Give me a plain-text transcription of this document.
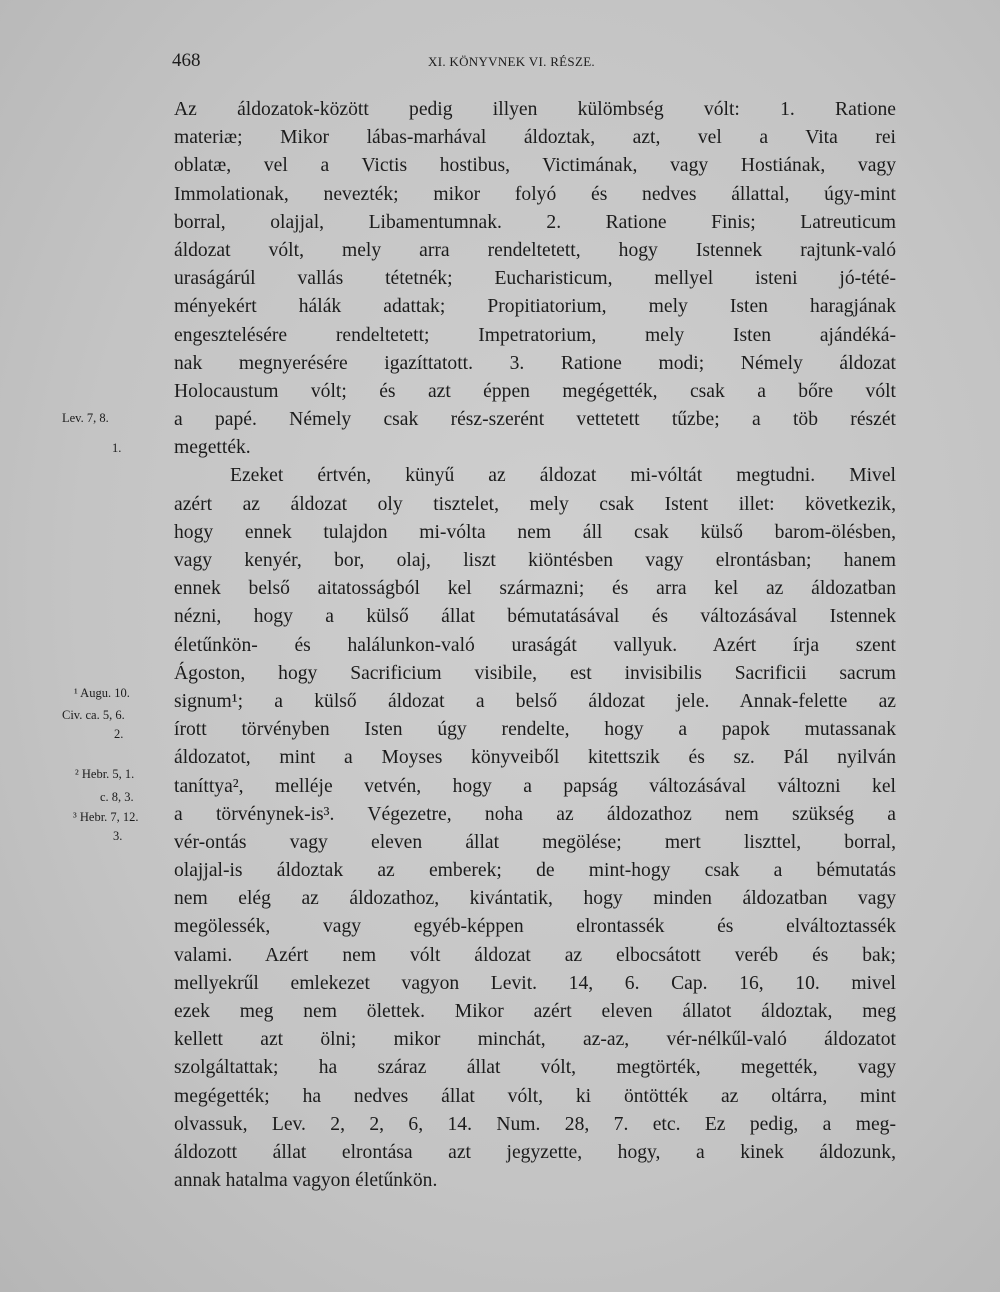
468	XI. KÖNYVNEK VI. RÉSZE.
Az áldozatok-között pedig illyen külömbség vólt: 1. Ratione
materiæ; Mikor lábas-marhával áldoztak, azt, vel a Vita rei
oblatæ, vel a Victis hostibus, Victimának, vagy Hostiának, vagy
Immolationak, nevezték; mikor folyó és nedves állattal, úgy-mint
borral, olajjal, Libamentumnak. 2. Ratione Finis; Latreuticum
áldozat vólt, mely arra rendeltetett, hogy Istennek rajtunk-való
uraságárúl vallás tétetnék; Eucharisticum, mellyel isteni jó-tété-
ményekért hálák adattak; Propitiatorium, mely Isten haragjának
engesztelésére rendeltetett; Impetratorium, mely Isten ajándéká-
nak megnyerésére igazíttatott. 3. Ratione modi; Némely áldozat
Holocaustum vólt; és azt éppen megégették, csak a bőre vólt
a papé. Némely csak rész-szerént vettetett tűzbe; a töb részét
megették.
Ezeket értvén, künyű az áldozat mi-vóltát megtudni. Mivel
azért az áldozat oly tisztelet, mely csak Istent illet: következik,
hogy ennek tulajdon mi-vólta nem áll csak külső barom-ölésben,
vagy kenyér, bor, olaj, liszt kiöntésben vagy elrontásban; hanem
ennek belső aitatosságból kel származni; és arra kel az áldozatban
nézni, hogy a külső állat bémutatásával és változásával Istennek
életűnkön- és halálunkon-való uraságát vallyuk. Azért írja szent
Ágoston, hogy Sacrificium visibile, est invisibilis Sacrificii sacrum
signum¹; a külső áldozat a belső áldozat jele. Annak-felette az
írott törvényben Isten úgy rendelte, hogy a papok mutassanak
áldozatot, mint a Moyses könyveiből kitettszik és sz. Pál nyilván
taníttya², melléje vetvén, hogy a papság változásával változni kel
a törvénynek-is³. Végezetre, noha az áldozathoz nem szükség a
vér-ontás vagy eleven állat megölése; mert liszttel, borral,
olajjal-is áldoztak az emberek; de mint-hogy csak a bémutatás
nem elég az áldozathoz, kivántatik, hogy minden áldozatban vagy
megölessék, vagy egyéb-képpen elrontassék és elváltoztassék
valami. Azért nem vólt áldozat az elbocsátott veréb és bak;
mellyekrűl emlekezet vagyon Levit. 14, 6. Cap. 16, 10. mivel
ezek meg nem ölettek. Mikor azért eleven állatot áldoztak, meg
kellett azt ölni; mikor minchát, az-az, vér-nélkűl-való áldozatot
szolgáltattak; ha száraz állat vólt, megtörték, megették, vagy
megégették; ha nedves állat vólt, ki öntötték az oltárra, mint
olvassuk, Lev. 2, 2, 6, 14. Num. 28, 7. etc. Ez pedig, a meg-
áldozott állat elrontása azt jegyzette, hogy, a kinek áldozunk,
annak hatalma vagyon életűnkön.
Lev. 7, 8.
1.
¹ Augu. 10.
Civ. ca. 5, 6.
2.
² Hebr. 5, 1.
c. 8, 3.
³ Hebr. 7, 12.
3.
